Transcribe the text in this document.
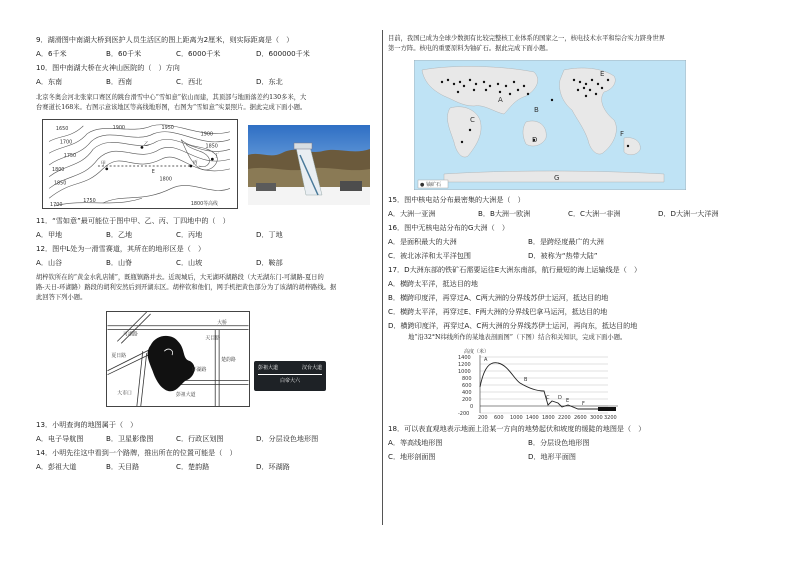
9．湖滑图中南湖大桥到医护人员生活区的图上距离为2厘米，则实际距离是（　）
A．6千米	B．60千米	C．6000千米	D．600000千米
10．图中南湖大桥在火神山医院的（　）方向
A．东南	B．西南	C．西北	D．东北
北京冬奥会河北张家口赛区的跳台滑雪中心“雪如意”依山而建，其顶部与地面落差约130多米，大
台赛道长168米。右图示意该地区等高线地形图，右图为“雪如意”实景照片。据此完成下面小题。
1650
1700
1750
1800
1850
1900	1950
1900
1850
1800
1750
1700	1800等高线
甲
乙
丙
丁
E
11．“雪如意”最可能位于图中甲、乙、丙、丁四地中的（　）
A．甲地	B．乙地	C．丙地	D．丁地
12．图中L处为一滑雪赛道，其所在的地形区是（　）
A．山谷	B．山脊	C．山坡	D．鞍部
胡梓钦所在的“黄金水乳店铺”，既瓶镇路并去。近现城后，大无湖环湖路段（大无湖东门-可湖路-夏日的
路-天日-环湖路）路段的胡利安然后到开湖东区。胡梓钦和他们，网手机把黄色部分为了该湖的胡梓路线。据
此回答下列小题。
大桥
天目路
夏日路
环湖路
可湖路
楚韵路
彭祖大道
大市口
彭祖大道	汉台大道
白帝大六
13．小明查询的地图属于（　）
A．电子导航图	B．卫星影像图	C．行政区划图	D．分层设色地形图
14．小明先往这中看到一个路牌，推出所在的位置可能是（　）
A．彭祖大道	B．天目路	C．楚韵路	D．环湖路
目前，我国已成为全球少数拥有比较完整核工业体系的国家之一，核电技术水平和综合实力跻身世界
第一方阵。核电的重要原料为铀矿石。据此完成下面小题。
A
B
C
D
E
F
G
● 铀矿石
15．图中核电站分布最密集的大洲是（　）
A．大洲一亚洲	B．B大洲一欧洲	C．C大洲一非洲	D．D大洲一大洋洲
16．图中无核电站分布的G大洲（　）
A．是面积最大的大洲	B．是跨经度最广的大洲
C．被北冰洋和太平洋包围	D．被称为“热带大陆”
17．D大洲东部的铁矿石需要运往E大洲东南部，航行最短的海上运输线是（　）
A．横跨太平洋，抵达目的地
B．横跨印度洋，再穿过A、C两大洲的分界线苏伊士运河，抵达目的地
C．横跨太平洋，再穿过E、F两大洲的分界线巴拿马运河，抵达目的地
D．横跨印度洋，再穿过A、C两大洲的分界线苏伊士运河，再向东，抵达目的地
地“沿32°N纬线所作的某地表剖面图”（下图）结合和关知识，完成下面小题。
高度（米）
1400
1200
1000
800
600
400
200
0
-200
200 600 1000 1400 1800 2200 2600 3000 3200
A
B
C D E	F
18．可以表直观地表示地面上沿某一方向的地势起伏和坡度的缓陡的地图是（　）
A．等高线地形图	B．分层设色地形图
C．地形剖面图	D．地形平面图
